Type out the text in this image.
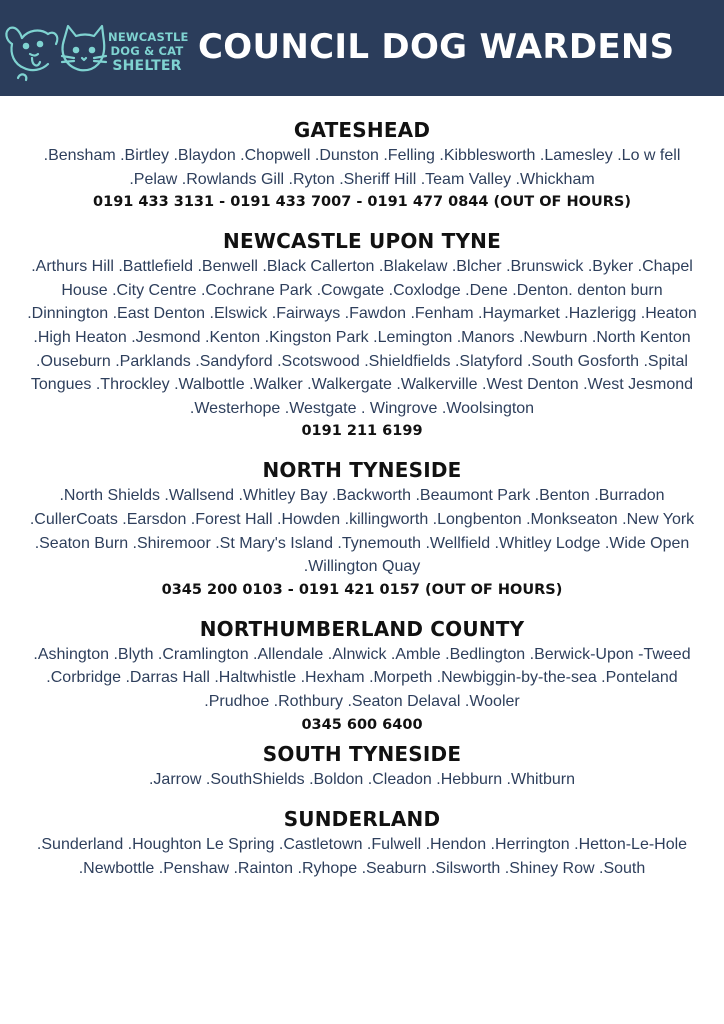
NEWCASTLE
DOG & CAT
SHELTER COUNCIL DOG WARDENS
GATESHEAD
.Bensham .Birtley .Blaydon .Chopwell .Dunston .Felling .Kibblesworth .Lamesley .Lo w fell .Pelaw .Rowlands Gill .Ryton .Sheriff Hill .Team Valley .Whickham
0191 433 3131 - 0191 433 7007 - 0191 477 0844 (OUT OF HOURS)
NEWCASTLE UPON TYNE
.Arthurs Hill .Battlefield .Benwell .Black Callerton .Blakelaw .Blcher .Brunswick .Byker .Chapel House .City Centre .Cochrane Park .Cowgate .Coxlodge .Dene .Denton. denton burn .Dinnington .East Denton .Elswick .Fairways .Fawdon .Fenham .Haymarket .Hazlerigg .Heaton .High Heaton .Jesmond .Kenton .Kingston Park .Lemington .Manors .Newburn .North Kenton .Ouseburn .Parklands .Sandyford .Scotswood .Shieldfields .Slatyford .South Gosforth .Spital Tongues .Throckley .Walbottle .Walker .Walkergate .Walkerville .West Denton .West Jesmond .Westerhope .Westgate . Wingrove .Woolsington
0191 211 6199
NORTH TYNESIDE
.North Shields .Wallsend .Whitley Bay .Backworth .Beaumont Park .Benton .Burradon .CullerCoats .Earsdon .Forest Hall .Howden .killingworth .Longbenton .Monkseaton .New York .Seaton Burn .Shiremoor .St Mary's Island .Tynemouth .Wellfield .Whitley Lodge .Wide Open .Willington Quay
0345 200 0103 - 0191 421 0157 (OUT OF HOURS)
NORTHUMBERLAND COUNTY
.Ashington .Blyth .Cramlington .Allendale .Alnwick .Amble .Bedlington .Berwick-Upon -Tweed .Corbridge .Darras Hall .Haltwhistle .Hexham .Morpeth .Newbiggin-by-the-sea .Ponteland .Prudhoe .Rothbury .Seaton Delaval .Wooler
0345 600 6400
SOUTH TYNESIDE
.Jarrow .SouthShields .Boldon .Cleadon .Hebburn .Whitburn
SUNDERLAND
.Sunderland .Houghton Le Spring .Castletown .Fulwell .Hendon .Herrington .Hetton-Le-Hole .Newbottle .Penshaw .Rainton .Ryhope .Seaburn .Silsworth .Shiney Row .South
